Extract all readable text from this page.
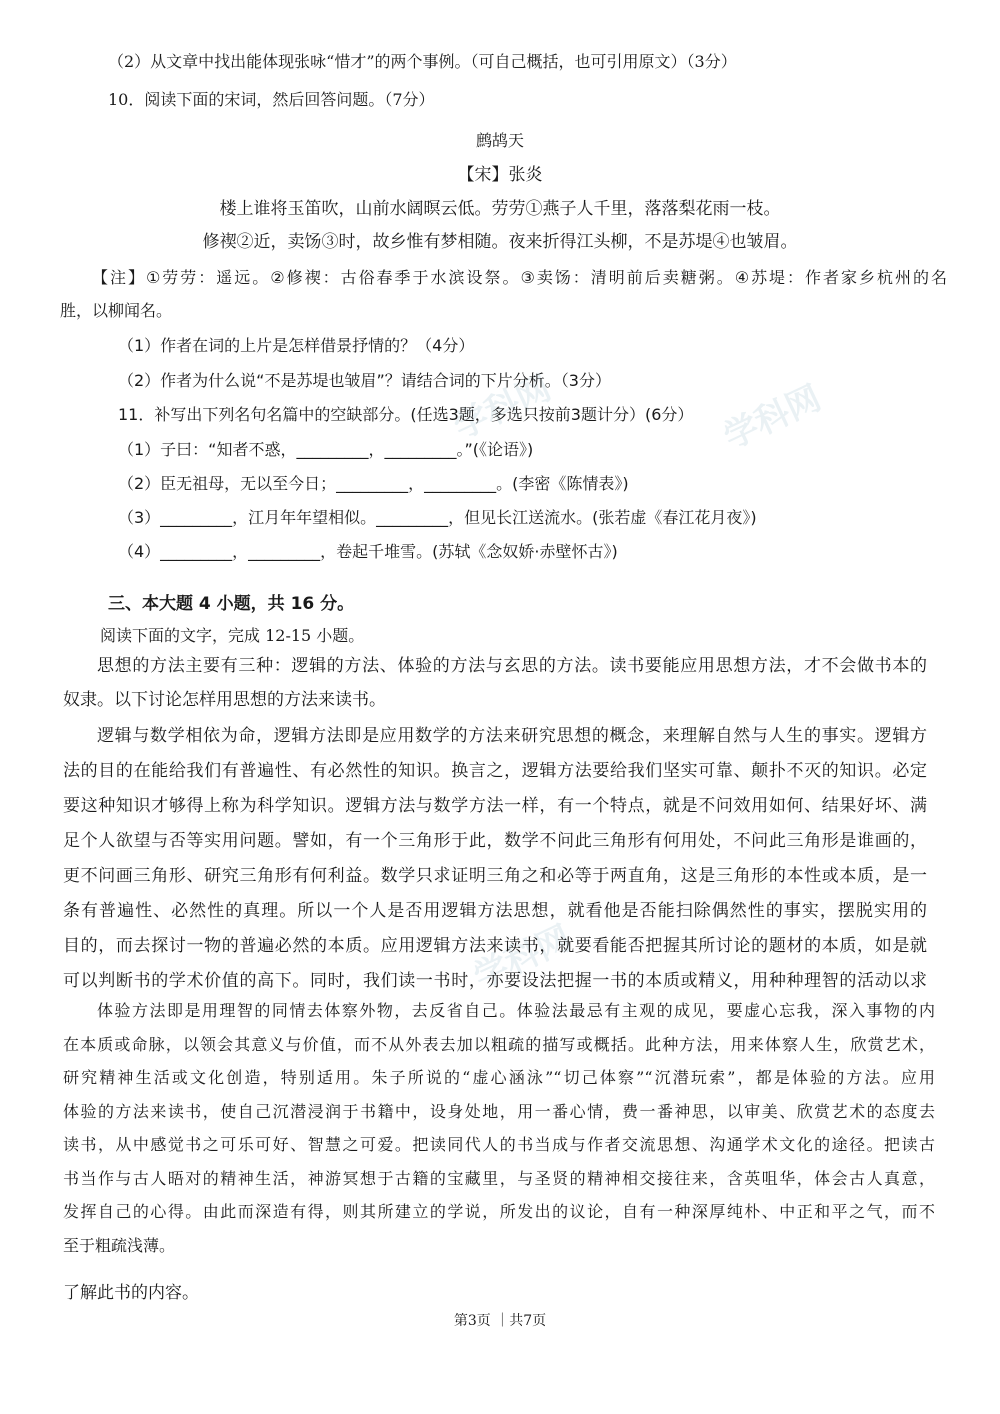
学科网
学科网
学科网
（2）从文章中找出能体现张咏“惜才”的两个事例。（可自己概括，也可引用原文）（3分）
10．阅读下面的宋词，然后回答问题。（7分）
鹧鸪天
【宋】张炎
楼上谁将玉笛吹，山前水阔暝云低。劳劳①燕子人千里，落落梨花雨一枝。
修禊②近，卖饧③时，故乡惟有梦相随。夜来折得江头柳，不是苏堤④也皱眉。
【注】①劳劳：遥远。②修禊：古俗春季于水滨设祭。③卖饧：清明前后卖糖粥。④苏堤：作者家乡杭州的名
胜，以柳闻名。
（1）作者在词的上片是怎样借景抒情的？（4分）
（2）作者为什么说“不是苏堤也皱眉”？请结合词的下片分析。（3分）
11．补写出下列名句名篇中的空缺部分。(任选3题，多选只按前3题计分）(6分）
（1）子曰：“知者不惑，_________，_________。”(《论语》)
（2）臣无祖母，无以至今日；_________，_________。(李密《陈情表》)
（3）_________，江月年年望相似。_________，但见长江送流水。(张若虚《春江花月夜》)
（4）_________，_________，卷起千堆雪。(苏轼《念奴娇·赤壁怀古》)
三、本大题 4 小题，共 16 分。
阅读下面的文字，完成 12-15 小题。
思想的方法主要有三种：逻辑的方法、体验的方法与玄思的方法。读书要能应用思想方法，才不会做书本的
奴隶。以下讨论怎样用思想的方法来读书。
逻辑与数学相依为命，逻辑方法即是应用数学的方法来研究思想的概念，来理解自然与人生的事实。逻辑方
法的目的在能给我们有普遍性、有必然性的知识。换言之，逻辑方法要给我们坚实可靠、颠扑不灭的知识。必定
要这种知识才够得上称为科学知识。逻辑方法与数学方法一样，有一个特点，就是不问效用如何、结果好坏、满
足个人欲望与否等实用问题。譬如，有一个三角形于此，数学不问此三角形有何用处，不问此三角形是谁画的，
更不问画三角形、研究三角形有何利益。数学只求证明三角之和必等于两直角，这是三角形的本性或本质，是一
条有普遍性、必然性的真理。所以一个人是否用逻辑方法思想，就看他是否能扫除偶然性的事实，摆脱实用的
目的，而去探讨一物的普遍必然的本质。应用逻辑方法来读书，就要看能否把握其所讨论的题材的本质，如是就
可以判断书的学术价值的高下。同时，我们读一书时，亦要设法把握一书的本质或精义，用种种理智的活动以求
体验方法即是用理智的同情去体察外物，去反省自己。体验法最忌有主观的成见，要虚心忘我，深入事物的内
在本质或命脉，以领会其意义与价值，而不从外表去加以粗疏的描写或概括。此种方法，用来体察人生，欣赏艺术，
研究精神生活或文化创造，特别适用。朱子所说的“虚心涵泳”“切己体察”“沉潜玩索”，都是体验的方法。应用
体验的方法来读书，使自己沉潜浸润于书籍中，设身处地，用一番心情，费一番神思，以审美、欣赏艺术的态度去
读书，从中感觉书之可乐可好、智慧之可爱。把读同代人的书当成与作者交流思想、沟通学术文化的途径。把读古
书当作与古人晤对的精神生活，神游冥想于古籍的宝藏里，与圣贤的精神相交接往来，含英咀华，体会古人真意，
发挥自己的心得。由此而深造有得，则其所建立的学说，所发出的议论，自有一种深厚纯朴、中正和平之气，而不
至于粗疏浅薄。
了解此书的内容。
第3页 ｜共7页
